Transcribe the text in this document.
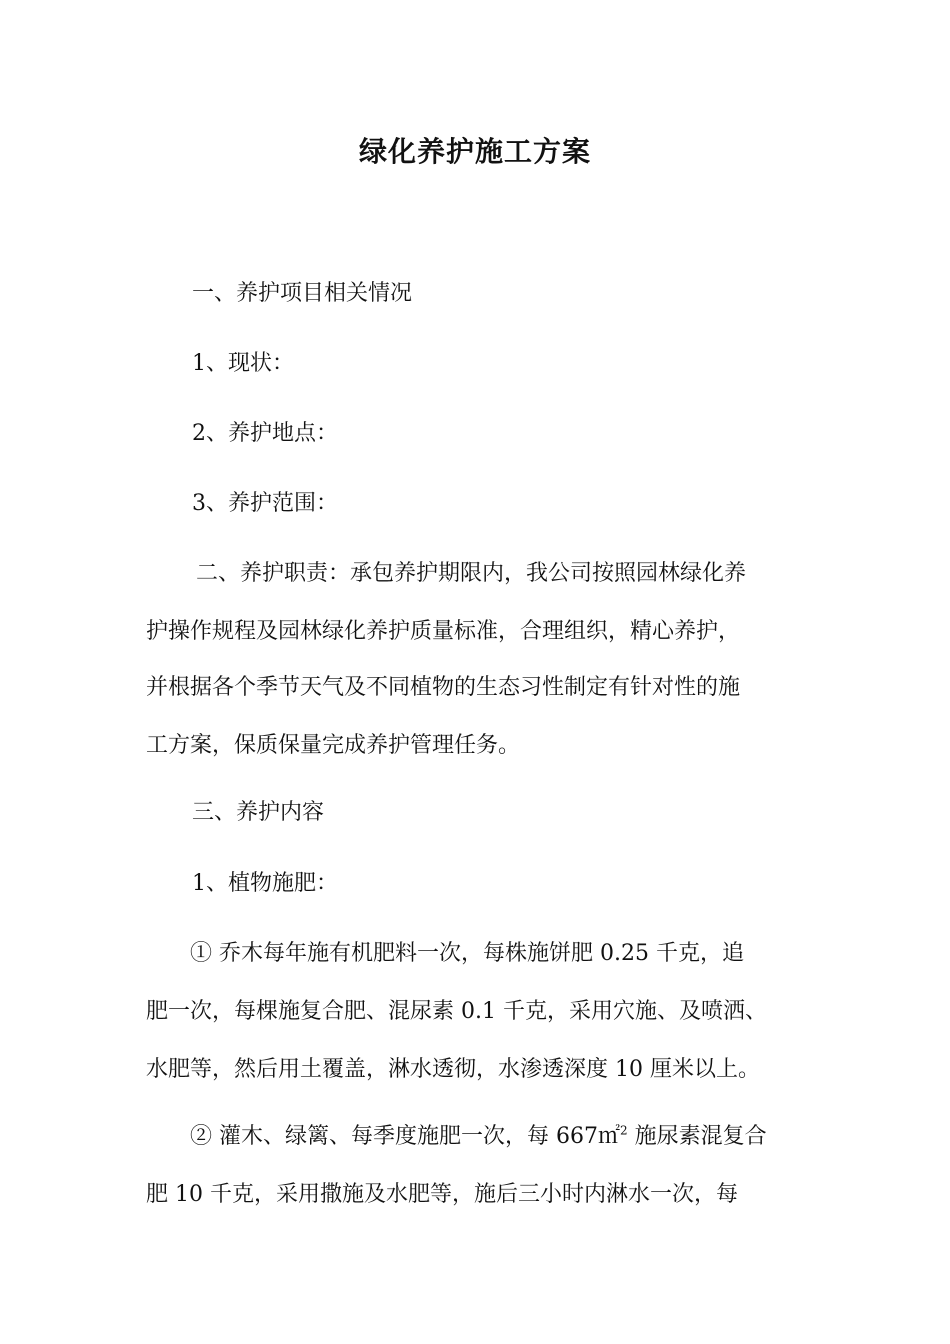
绿化养护施工方案

一、养护项目相关情况

1、现状：

2、养护地点：

3、养护范围：

二、养护职责：承包养护期限内，我公司按照园林绿化养

护操作规程及园林绿化养护质量标准，合理组织，精心养护，

并根据各个季节天气及不同植物的生态习性制定有针对性的施

工方案，保质保量完成养护管理任务。

三、养护内容

1、植物施肥：

① 乔木每年施有机肥料一次，每株施饼肥 0.25 千克，追

肥一次，每棵施复合肥、混尿素 0.1 千克，采用穴施、及喷洒、

水肥等，然后用土覆盖，淋水透彻，水渗透深度 10 厘米以上。

② 灌木、绿篱、每季度施肥一次，每 667㎡$^2$ 施尿素混复合

肥 10 千克，采用撒施及水肥等，施后三小时内淋水一次，每
